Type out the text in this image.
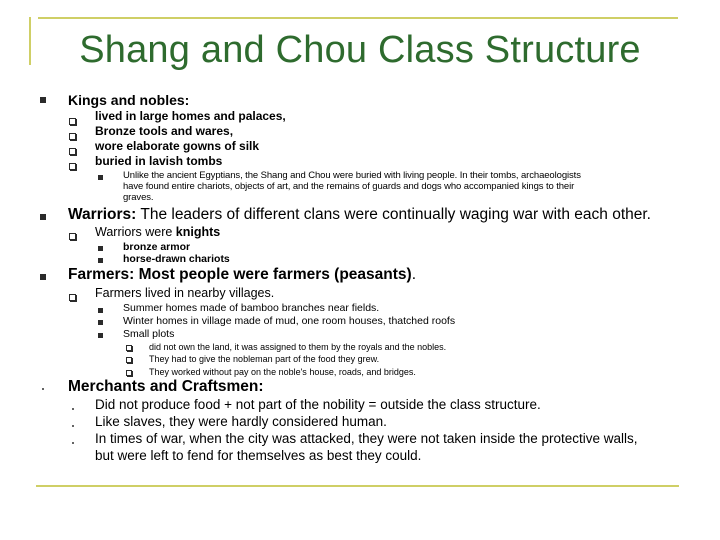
Shang and Chou Class Structure
Kings and nobles:
lived in large homes and palaces,
Bronze tools and wares,
wore elaborate gowns of silk
buried in lavish tombs
Unlike the ancient Egyptians, the Shang and Chou were buried with living people. In their tombs, archaeologists
have found entire chariots, objects of art, and the remains of guards and dogs who accompanied kings to their
graves.
Warriors: The leaders of different clans were continually waging war with each other.
Warriors were knights
bronze armor
horse-drawn chariots
Farmers: Most people were farmers (peasants).
Farmers lived in nearby villages.
Summer homes made of bamboo branches near fields.
Winter homes in village made of mud, one room houses, thatched roofs
Small plots
did not own the land, it was assigned to them by the royals and the nobles.
They had to give the nobleman part of the food they grew.
They worked without pay on the noble's house, roads, and bridges.
Merchants and Craftsmen:
Did not produce food + not part of the nobility = outside the class structure.
Like slaves, they were hardly considered human.
In times of war, when the city was attacked, they were not taken inside the protective walls,
but were left to fend for themselves as best they could.
